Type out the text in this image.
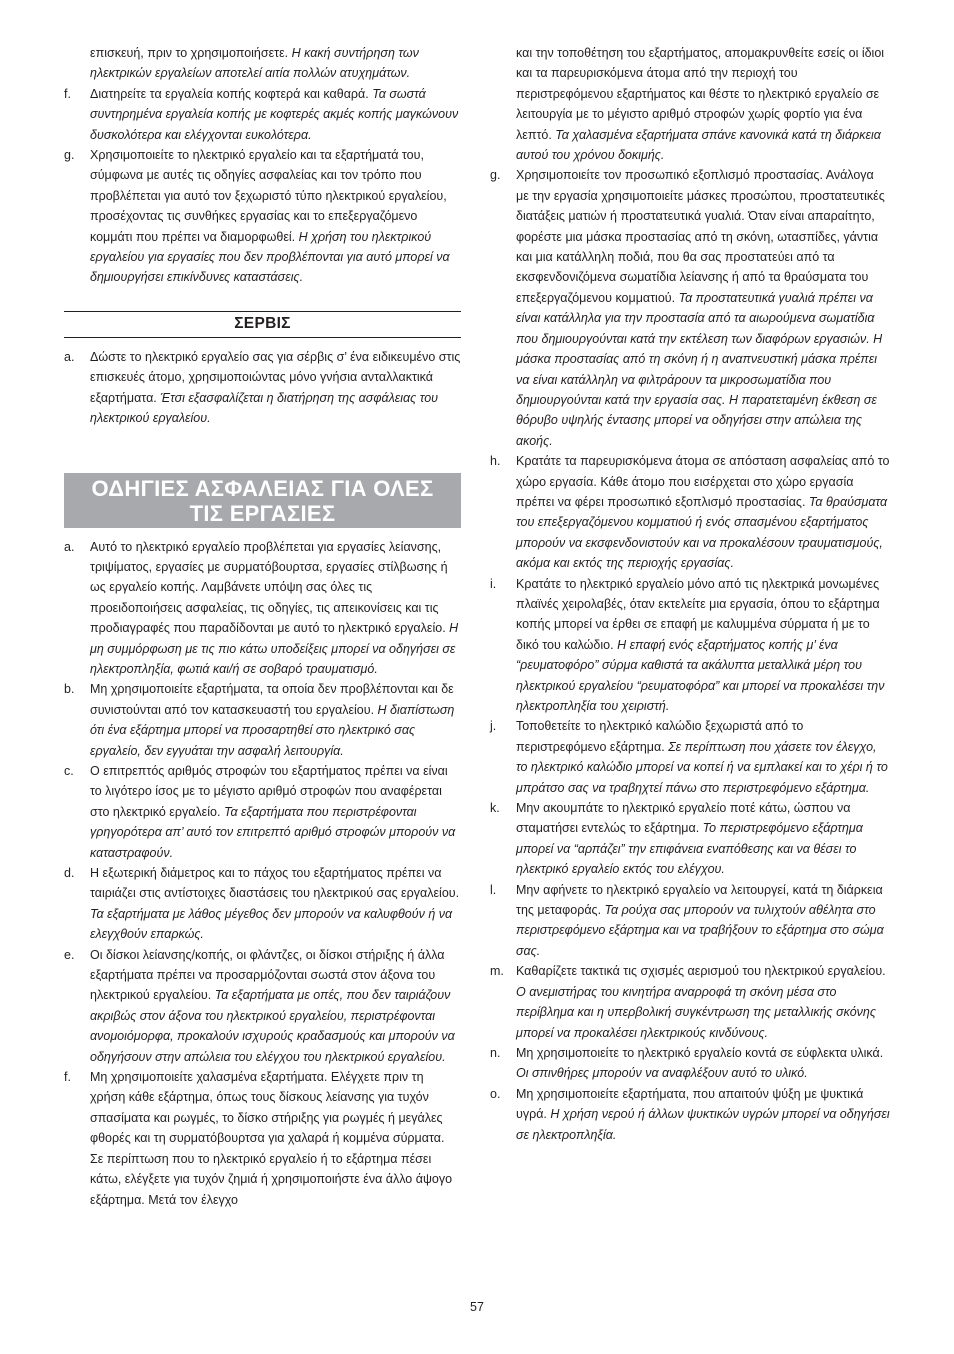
επισκευή, πριν το χρησιμοποιήσετε. Η κακή συντήρηση των ηλεκτρικών εργαλείων αποτελεί αιτία πολλών ατυχημάτων.
f.	Διατηρείτε τα εργαλεία κοπής κοφτερά και καθαρά. Τα σωστά συντηρημένα εργαλεία κοπής με κοφτερές ακμές κοπής μαγκώνουν δυσκολότερα και ελέγχονται ευκολότερα.
g.	Χρησιμοποιείτε το ηλεκτρικό εργαλείο και τα εξαρτήματά του, σύμφωνα με αυτές τις οδηγίες ασφαλείας και τον τρόπο που προβλέπεται για αυτό τον ξεχωριστό τύπο ηλεκτρικού εργαλείου, προσέχοντας τις συνθήκες εργασίας και το επεξεργαζόμενο κομμάτι που πρέπει να διαμορφωθεί. Η χρήση του ηλεκτρικού εργαλείου για εργασίες που δεν προβλέπονται για αυτό μπορεί να δημιουργήσει επικίνδυνες καταστάσεις.
ΣΕΡΒΙΣ
a.	Δώστε το ηλεκτρικό εργαλείο σας για σέρβις σ’ ένα ειδικευμένο στις επισκευές άτομο, χρησιμοποιώντας μόνο γνήσια ανταλλακτικά εξαρτήματα. Έτσι εξασφαλίζεται η διατήρηση της ασφάλειας του ηλεκτρικού εργαλείου.
ΟΔΗΓΙΕΣ ΑΣΦΑΛΕΙΑΣ ΓΙΑ ΟΛΕΣ
ΤΙΣ ΕΡΓΑΣΙΕΣ
a.	Αυτό το ηλεκτρικό εργαλείο προβλέπεται για εργασίες λείανσης, τριψίματος, εργασίες με συρματόβουρτσα, εργασίες στίλβωσης ή ως εργαλείο κοπής. Λαμβάνετε υπόψη σας όλες τις προειδοποιήσεις ασφαλείας, τις οδηγίες, τις απεικονίσεις και τις προδιαγραφές που παραδίδονται με αυτό το ηλεκτρικό εργαλείο. Η μη συμμόρφωση με τις πιο κάτω υποδείξεις μπορεί να οδηγήσει σε ηλεκτροπληξία, φωτιά και/ή σε σοβαρό τραυματισμό.
b.	Μη χρησιμοποιείτε εξαρτήματα, τα οποία δεν προβλέπονται και δε συνιστούνται από τον κατασκευαστή του εργαλείου. Η διαπίστωση ότι ένα εξάρτημα μπορεί να προσαρτηθεί στο ηλεκτρικό σας εργαλείο, δεν εγγυάται την ασφαλή λειτουργία.
c.	Ο επιτρεπτός αριθμός στροφών του εξαρτήματος πρέπει να είναι το λιγότερο ίσος με το μέγιστο αριθμό στροφών που αναφέρεται στο ηλεκτρικό εργαλείο. Τα εξαρτήματα που περιστρέφονται γρηγορότερα απ’ αυτό τον επιτρεπτό αριθμό στροφών μπορούν να καταστραφούν.
d.	Η εξωτερική διάμετρος και το πάχος του εξαρτήματος πρέπει να ταιριάζει στις αντίστοιχες διαστάσεις του ηλεκτρικού σας εργαλείου. Τα εξαρτήματα με λάθος μέγεθος δεν μπορούν να καλυφθούν ή να ελεγχθούν επαρκώς.
e.	Οι δίσκοι λείανσης/κοπής, οι φλάντζες, οι δίσκοι στήριξης ή άλλα εξαρτήματα πρέπει να προσαρμόζονται σωστά στον άξονα του ηλεκτρικού εργαλείου. Τα εξαρτήματα με οπές, που δεν ταιριάζουν ακριβώς στον άξονα του ηλεκτρικού εργαλείου, περιστρέφονται ανομοιόμορφα, προκαλούν ισχυρούς κραδασμούς και μπορούν να οδηγήσουν στην απώλεια του ελέγχου του ηλεκτρικού εργαλείου.
f.	Μη χρησιμοποιείτε χαλασμένα εξαρτήματα. Ελέγχετε πριν τη χρήση κάθε εξάρτημα, όπως τους δίσκους λείανσης για τυχόν σπασίματα και ρωγμές, το δίσκο στήριξης για ρωγμές ή μεγάλες φθορές και τη συρματόβουρτσα για χαλαρά ή κομμένα σύρματα. Σε περίπτωση που το ηλεκτρικό εργαλείο ή το εξάρτημα πέσει κάτω, ελέγξετε για τυχόν ζημιά ή χρησιμοποιήστε ένα άλλο άψογο εξάρτημα. Μετά τον έλεγχο
και την τοποθέτηση του εξαρτήματος, απομακρυνθείτε εσείς οι ίδιοι και τα παρευρισκόμενα άτομα από την περιοχή του περιστρεφόμενου εξαρτήματος και θέστε το ηλεκτρικό εργαλείο σε λειτουργία με το μέγιστο αριθμό στροφών χωρίς φορτίο για ένα λεπτό. Τα χαλασμένα εξαρτήματα σπάνε κανονικά κατά τη διάρκεια αυτού του χρόνου δοκιμής.
g.	Χρησιμοποιείτε τον προσωπικό εξοπλισμό προστασίας. Ανάλογα με την εργασία χρησιμοποιείτε μάσκες προσώπου, προστατευτικές διατάξεις ματιών ή προστατευτικά γυαλιά. Όταν είναι απαραίτητο, φορέστε μια μάσκα προστασίας από τη σκόνη, ωτασπίδες, γάντια και μια κατάλληλη ποδιά, που θα σας προστατεύει από τα εκσφενδονιζόμενα σωματίδια λείανσης ή από τα θραύσματα του επεξεργαζόμενου κομματιού. Τα προστατευτικά γυαλιά πρέπει να είναι κατάλληλα για την προστασία από τα αιωρούμενα σωματίδια που δημιουργούνται κατά την εκτέλεση των διαφόρων εργασιών. Η μάσκα προστασίας από τη σκόνη ή η αναπνευστική μάσκα πρέπει να είναι κατάλληλη να φιλτράρουν τα μικροσωματίδια που δημιουργούνται κατά την εργασία σας. Η παρατεταμένη έκθεση σε θόρυβο υψηλής έντασης μπορεί να οδηγήσει στην απώλεια της ακοής.
h.	Κρατάτε τα παρευρισκόμενα άτομα σε απόσταση ασφαλείας από το χώρο εργασία. Κάθε άτομο που εισέρχεται στο χώρο εργασία πρέπει να φέρει προσωπικό εξοπλισμό προστασίας. Τα θραύσματα του επεξεργαζόμενου κομματιού ή ενός σπασμένου εξαρτήματος μπορούν να εκσφενδονιστούν και να προκαλέσουν τραυματισμούς, ακόμα και εκτός της περιοχής εργασίας.
i.	Κρατάτε το ηλεκτρικό εργαλείο μόνο από τις ηλεκτρικά μονωμένες πλαϊνές χειρολαβές, όταν εκτελείτε μια εργασία, όπου το εξάρτημα κοπής μπορεί να έρθει σε επαφή με καλυμμένα σύρματα ή με το δικό του καλώδιο. Η επαφή ενός εξαρτήματος κοπής μ’ ένα “ρευματοφόρο” σύρμα καθιστά τα ακάλυπτα μεταλλικά μέρη του ηλεκτρικού εργαλείου “ρευματοφόρα” και μπορεί να προκαλέσει την ηλεκτροπληξία του χειριστή.
j.	Τοποθετείτε το ηλεκτρικό καλώδιο ξεχωριστά από το περιστρεφόμενο εξάρτημα. Σε περίπτωση που χάσετε τον έλεγχο, το ηλεκτρικό καλώδιο μπορεί να κοπεί ή να εμπλακεί και το χέρι ή το μπράτσο σας να τραβηχτεί πάνω στο περιστρεφόμενο εξάρτημα.
k.	Μην ακουμπάτε το ηλεκτρικό εργαλείο ποτέ κάτω, ώσπου να σταματήσει εντελώς το εξάρτημα. Το περιστρεφόμενο εξάρτημα μπορεί να “αρπάζει” την επιφάνεια εναπόθεσης και να θέσει το ηλεκτρικό εργαλείο εκτός του ελέγχου.
l.	Μην αφήνετε το ηλεκτρικό εργαλείο να λειτουργεί, κατά τη διάρκεια της μεταφοράς. Τα ρούχα σας μπορούν να τυλιχτούν αθέλητα στο περιστρεφόμενο εξάρτημα και να τραβήξουν το εξάρτημα στο σώμα σας.
m. Καθαρίζετε τακτικά τις σχισμές αερισμού του ηλεκτρικού εργαλείου. Ο ανεμιστήρας του κινητήρα αναρροφά τη σκόνη μέσα στο περίβλημα και η υπερβολική συγκέντρωση της μεταλλικής σκόνης μπορεί να προκαλέσει ηλεκτρικούς κινδύνους.
n.	Μη χρησιμοποιείτε το ηλεκτρικό εργαλείο κοντά σε εύφλεκτα υλικά. Οι σπινθήρες μπορούν να αναφλέξουν αυτό το υλικό.
o.	Μη χρησιμοποιείτε εξαρτήματα, που απαιτούν ψύξη με ψυκτικά υγρά. Η χρήση νερού ή άλλων ψυκτικών υγρών μπορεί να οδηγήσει σε ηλεκτροπληξία.
57
